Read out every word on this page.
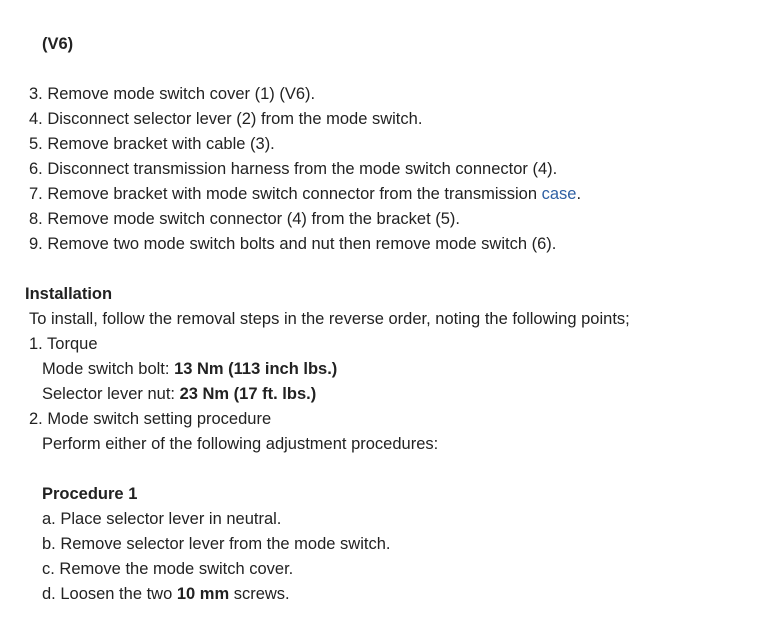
(V6)
3. Remove mode switch cover (1) (V6).
4. Disconnect selector lever (2) from the mode switch.
5. Remove bracket with cable (3).
6. Disconnect transmission harness from the mode switch connector (4).
7. Remove bracket with mode switch connector from the transmission case.
8. Remove mode switch connector (4) from the bracket (5).
9. Remove two mode switch bolts and nut then remove mode switch (6).
Installation
To install, follow the removal steps in the reverse order, noting the following points;
1. Torque
Mode switch bolt: 13 Nm (113 inch lbs.)
Selector lever nut: 23 Nm (17 ft. lbs.)
2. Mode switch setting procedure
Perform either of the following adjustment procedures:
Procedure 1
a. Place selector lever in neutral.
b. Remove selector lever from the mode switch.
c. Remove the mode switch cover.
d. Loosen the two 10 mm screws.
